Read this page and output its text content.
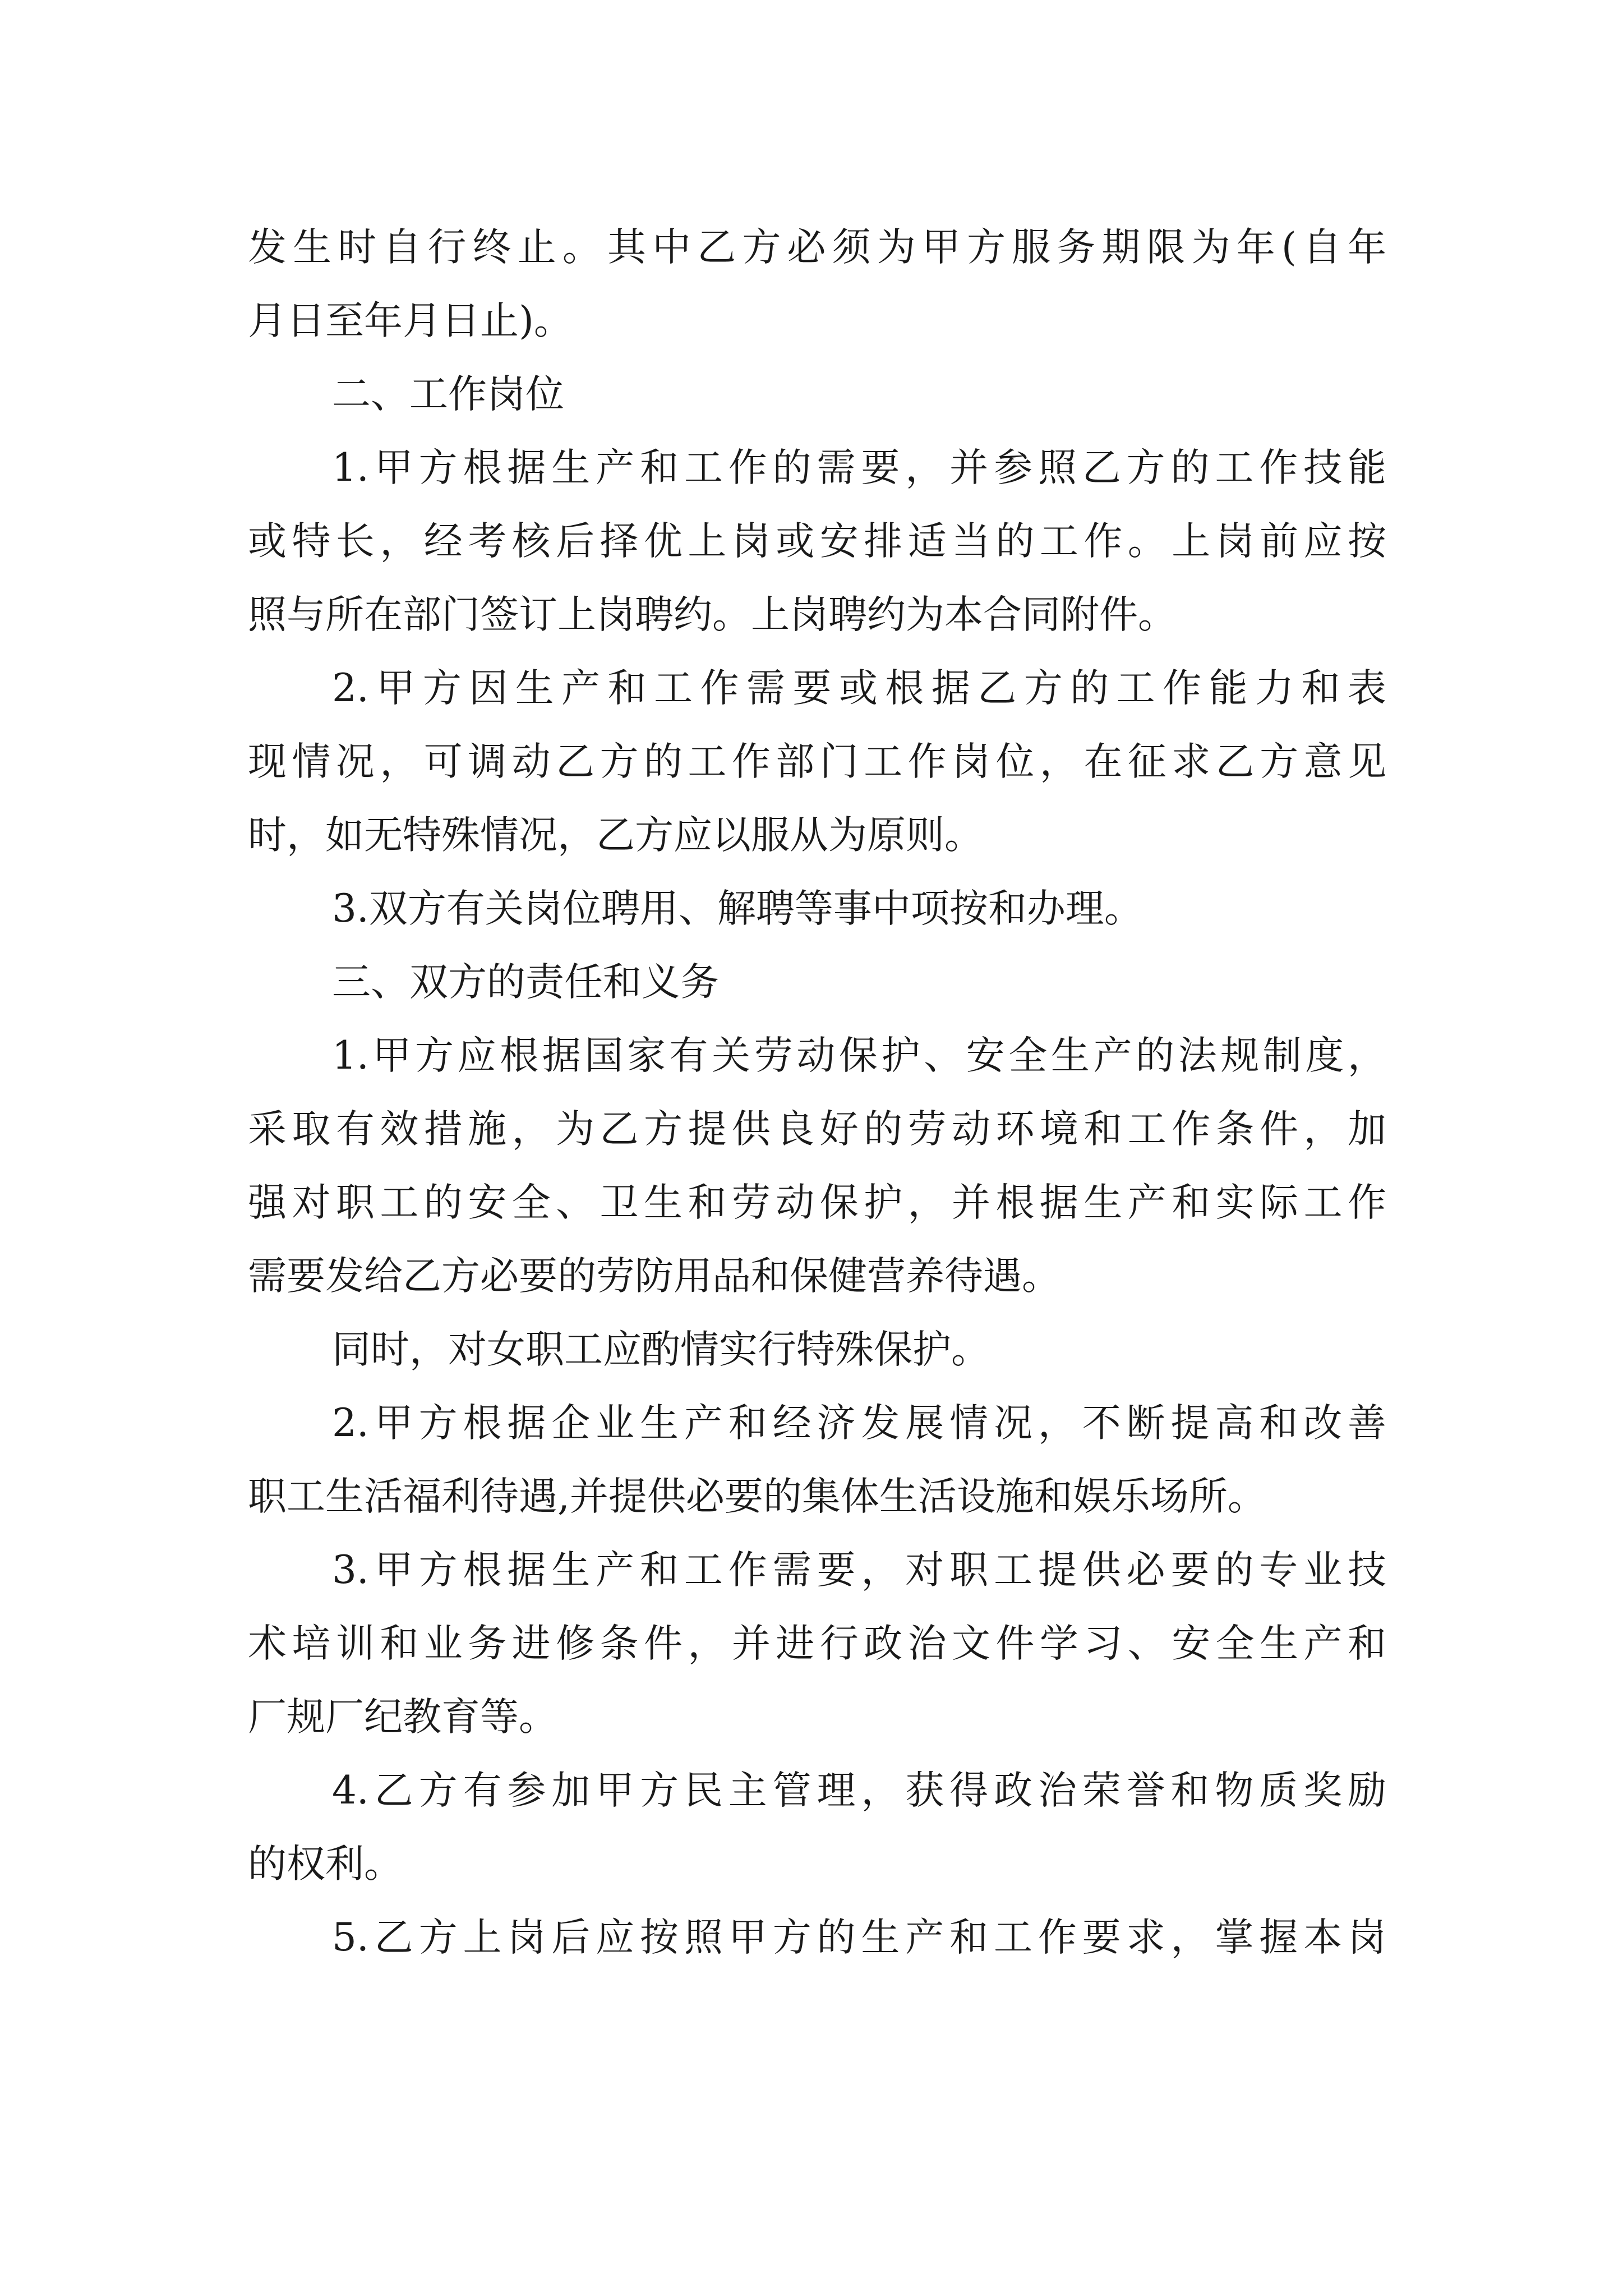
发生时自行终止。其中乙方必须为甲方服务期限为年(自年
月日至年月日止)。
二、工作岗位
1.甲方根据生产和工作的需要，并参照乙方的工作技能
或特长，经考核后择优上岗或安排适当的工作。上岗前应按
照与所在部门签订上岗聘约。上岗聘约为本合同附件。
2.甲方因生产和工作需要或根据乙方的工作能力和表
现情况，可调动乙方的工作部门工作岗位，在征求乙方意见
时，如无特殊情况，乙方应以服从为原则。
3.双方有关岗位聘用、解聘等事中项按和办理。
三、双方的责任和义务
1.甲方应根据国家有关劳动保护、安全生产的法规制度，
采取有效措施，为乙方提供良好的劳动环境和工作条件，加
强对职工的安全、卫生和劳动保护，并根据生产和实际工作
需要发给乙方必要的劳防用品和保健营养待遇。
同时，对女职工应酌情实行特殊保护。
2.甲方根据企业生产和经济发展情况，不断提高和改善
职工生活福利待遇,并提供必要的集体生活设施和娱乐场所。
3.甲方根据生产和工作需要，对职工提供必要的专业技
术培训和业务进修条件，并进行政治文件学习、安全生产和
厂规厂纪教育等。
4.乙方有参加甲方民主管理，获得政治荣誉和物质奖励
的权利。
5.乙方上岗后应按照甲方的生产和工作要求，掌握本岗
